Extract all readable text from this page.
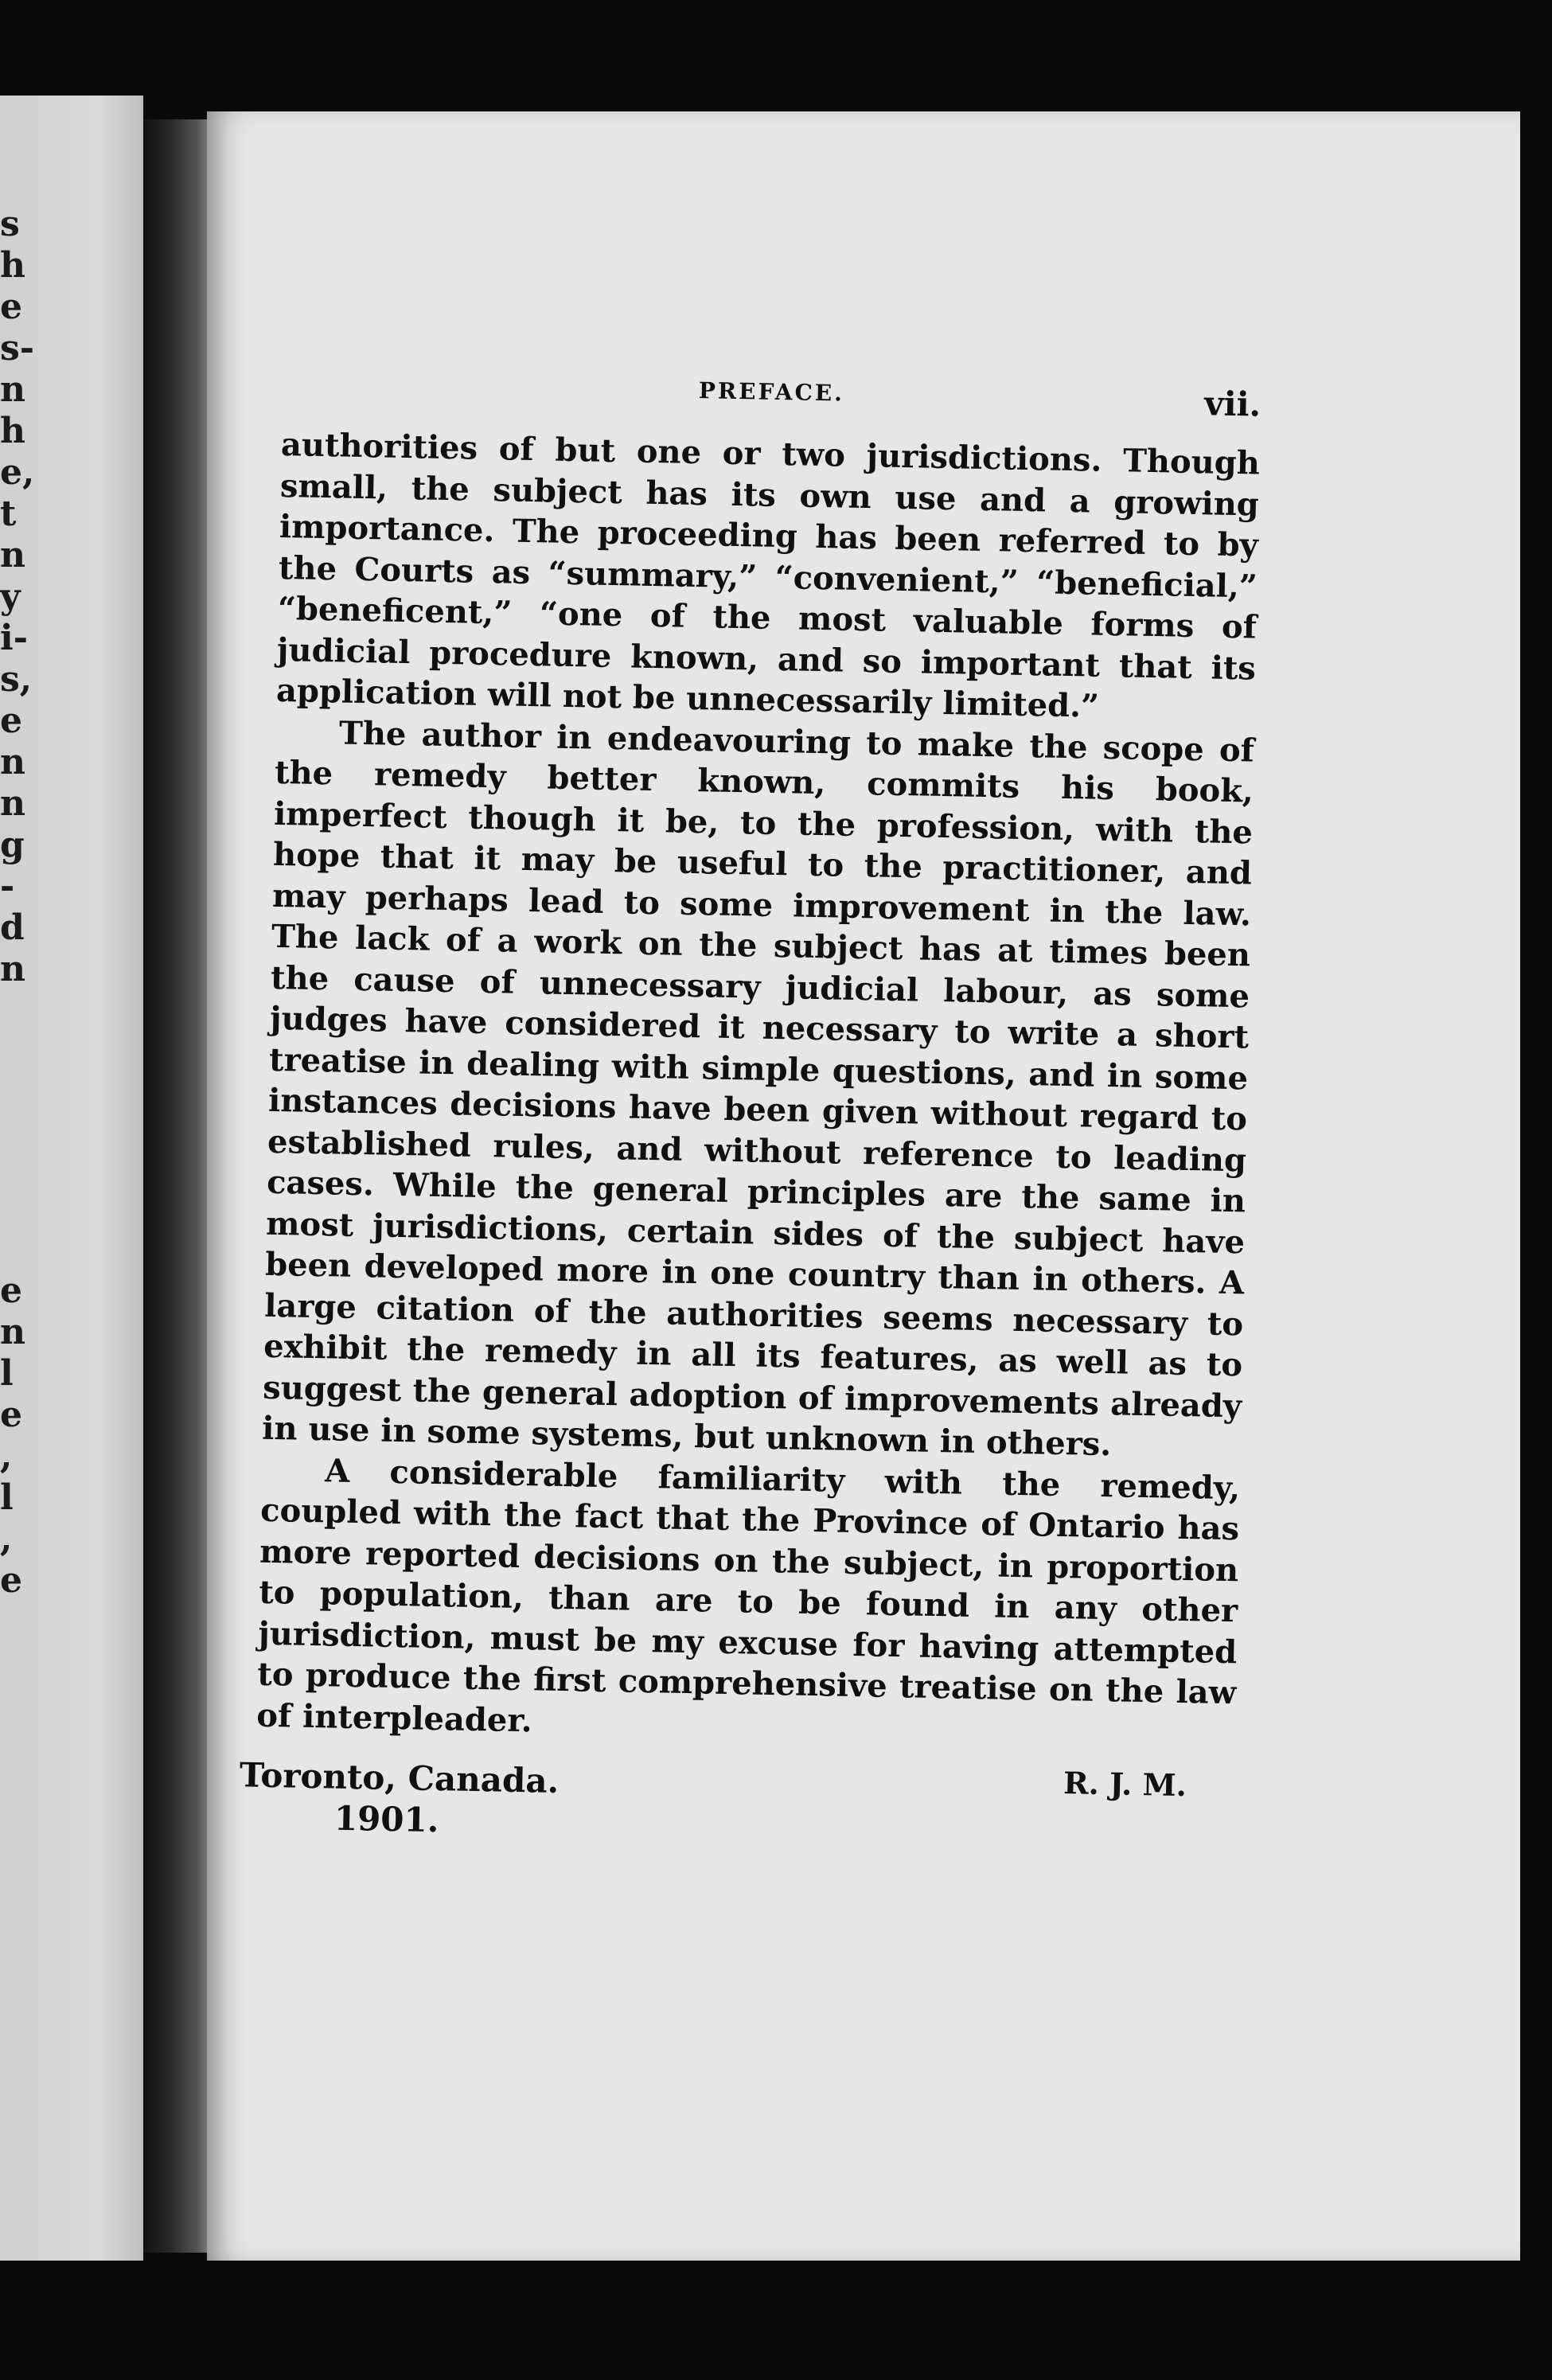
s
h
e
s-
n
h
e,
t
n
y
i-
s,
e
n
n
g
-
d
n
e
n
l
e
,
l
,
e
PREFACE.	vii.

authorities of but one or two jurisdictions. Though small, the subject has its own use and a growing importance. The proceeding has been referred to by the Courts as “summary,” “convenient,” “beneficial,” “beneficent,” “one of the most valuable forms of judicial procedure known, and so important that its application will not be unnecessarily limited.”

The author in endeavouring to make the scope of the remedy better known, commits his book, imperfect though it be, to the profession, with the hope that it may be useful to the practitioner, and may perhaps lead to some improvement in the law. The lack of a work on the subject has at times been the cause of unnecessary judicial labour, as some judges have considered it necessary to write a short treatise in dealing with simple questions, and in some instances decisions have been given without regard to established rules, and without reference to leading cases. While the general principles are the same in most jurisdictions, certain sides of the subject have been developed more in one country than in others. A large citation of the authorities seems necessary to exhibit the remedy in all its features, as well as to suggest the general adoption of improvements already in use in some systems, but unknown in others.

A considerable familiarity with the remedy, coupled with the fact that the Province of Ontario has more reported decisions on the subject, in proportion to population, than are to be found in any other jurisdiction, must be my excuse for having attempted to produce the first comprehensive treatise on the law of interpleader.

Toronto, Canada.
1901.
R. J. M.
